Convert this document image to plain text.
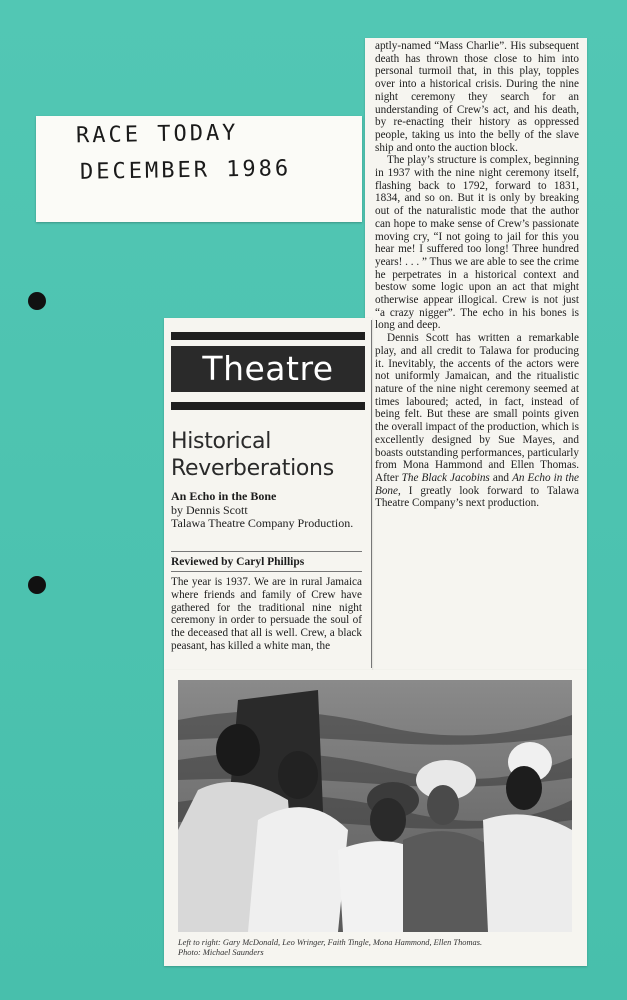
RACE TODAY
DECEMBER 1986

aptly-named “Mass Charlie”. His subsequent death has thrown those close to him into personal turmoil that, in this play, topples over into a historical crisis. During the nine night ceremony they search for an understanding of Crew’s act, and his death, by re-enacting their history as oppressed people, taking us into the belly of the slave ship and onto the auction block.

The play’s structure is complex, beginning in 1937 with the nine night ceremony itself, flashing back to 1792, forward to 1831, 1834, and so on. But it is only by breaking out of the naturalistic mode that the author can hope to make sense of Crew’s passionate moving cry, “I not going to jail for this you hear me! I suffered too long! Three hundred years! . . . ” Thus we are able to see the crime he perpetrates in a historical context and bestow some logic upon an act that might otherwise appear illogical. Crew is not just “a crazy nigger”. The echo in his bones is long and deep.

Dennis Scott has written a remarkable play, and all credit to Talawa for producing it. Inevitably, the accents of the actors were not uniformly Jamaican, and the ritualistic nature of the nine night ceremony seemed at times laboured; acted, in fact, instead of being felt. But these are small points given the overall impact of the production, which is excellently designed by Sue Mayes, and boasts outstanding performances, particularly from Mona Hammond and Ellen Thomas. After The Black Jacobins and An Echo in the Bone, I greatly look forward to Talawa Theatre Company’s next production.

Theatre
Historical Reverberations
An Echo in the Bone
by Dennis Scott
Talawa Theatre Company Production.
Reviewed by Caryl Phillips

The year is 1937. We are in rural Jamaica where friends and family of Crew have gathered for the traditional nine night ceremony in order to persuade the soul of the deceased that all is well. Crew, a black peasant, has killed a white man, the

Left to right: Gary McDonald, Leo Wringer, Faith Tingle, Mona Hammond, Ellen Thomas.
Photo: Michael Saunders
